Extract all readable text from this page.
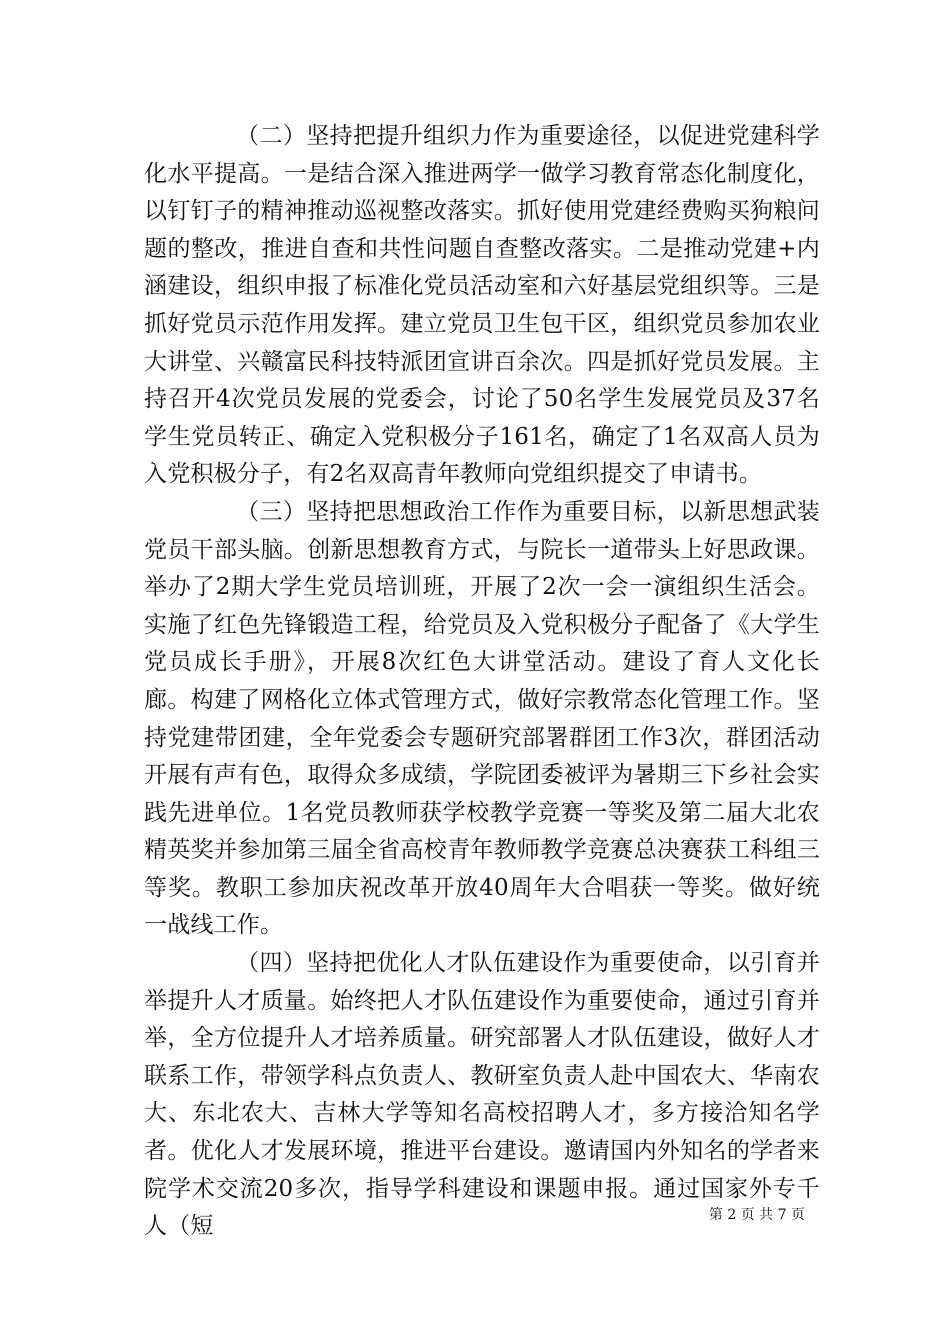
（二）坚持把提升组织力作为重要途径，以促进党建科学化水平提高。一是结合深入推进两学一做学习教育常态化制度化，以钉钉子的精神推动巡视整改落实。抓好使用党建经费购买狗粮问题的整改，推进自查和共性问题自查整改落实。二是推动党建+内涵建设，组织申报了标准化党员活动室和六好基层党组织等。三是抓好党员示范作用发挥。建立党员卫生包干区，组织党员参加农业大讲堂、兴赣富民科技特派团宣讲百余次。四是抓好党员发展。主持召开4次党员发展的党委会，讨论了50名学生发展党员及37名学生党员转正、确定入党积极分子161名，确定了1名双高人员为入党积极分子，有2名双高青年教师向党组织提交了申请书。

（三）坚持把思想政治工作作为重要目标，以新思想武装党员干部头脑。创新思想教育方式，与院长一道带头上好思政课。举办了2期大学生党员培训班，开展了2次一会一演组织生活会。实施了红色先锋锻造工程，给党员及入党积极分子配备了《大学生党员成长手册》，开展8次红色大讲堂活动。建设了育人文化长廊。构建了网格化立体式管理方式，做好宗教常态化管理工作。坚持党建带团建，全年党委会专题研究部署群团工作3次，群团活动开展有声有色，取得众多成绩，学院团委被评为暑期三下乡社会实践先进单位。1名党员教师获学校教学竞赛一等奖及第二届大北农精英奖并参加第三届全省高校青年教师教学竞赛总决赛获工科组三等奖。教职工参加庆祝改革开放40周年大合唱获一等奖。做好统一战线工作。

（四）坚持把优化人才队伍建设作为重要使命，以引育并举提升人才质量。始终把人才队伍建设作为重要使命，通过引育并举，全方位提升人才培养质量。研究部署人才队伍建设，做好人才联系工作，带领学科点负责人、教研室负责人赴中国农大、华南农大、东北农大、吉林大学等知名高校招聘人才，多方接洽知名学者。优化人才发展环境，推进平台建设。邀请国内外知名的学者来院学术交流20多次，指导学科建设和课题申报。通过国家外专千人（短	第 2 页 共 7 页
